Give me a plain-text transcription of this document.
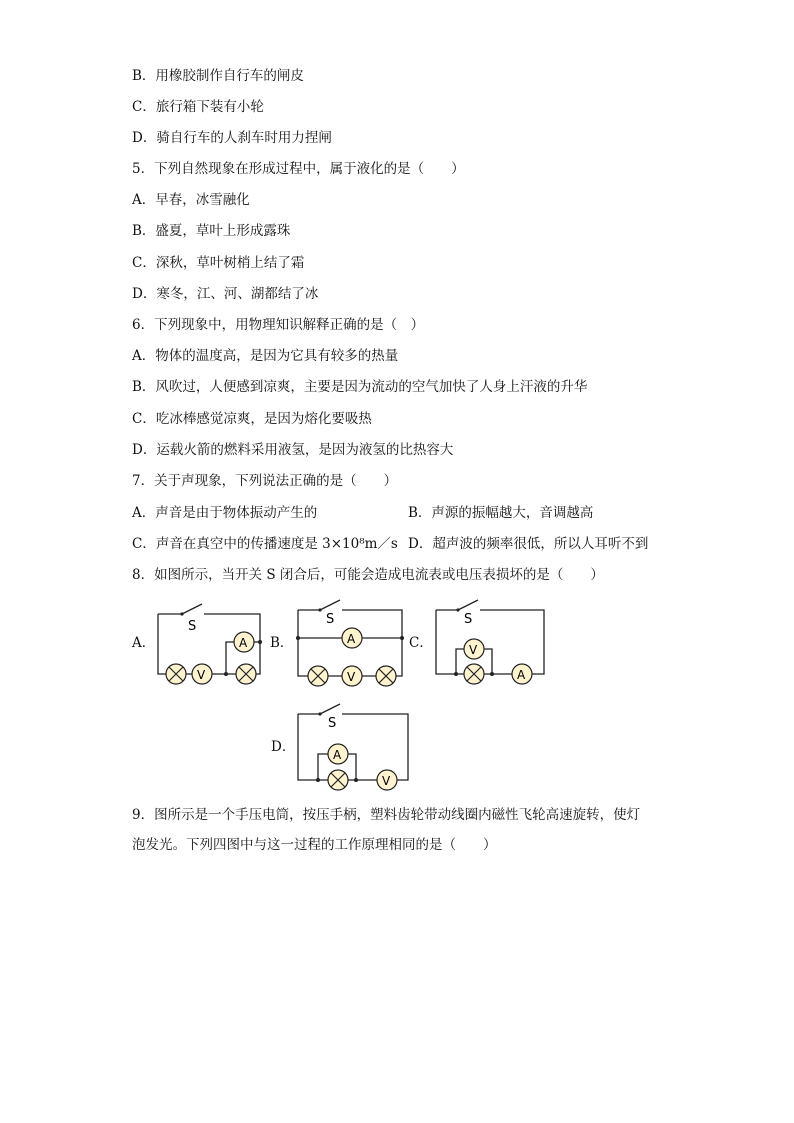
B．用橡胶制作自行车的闸皮
C．旅行箱下装有小轮
D．骑自行车的人刹车时用力捏闸
5．下列自然现象在形成过程中，属于液化的是（　　）
A．早春，冰雪融化
B．盛夏，草叶上形成露珠
C．深秋，草叶树梢上结了霜
D．寒冬，江、河、湖都结了冰
6．下列现象中，用物理知识解释正确的是（　）
A．物体的温度高，是因为它具有较多的热量
B．风吹过，人便感到凉爽，主要是因为流动的空气加快了人身上汗液的升华
C．吃冰棒感觉凉爽，是因为熔化要吸热
D．运载火箭的燃料采用液氢，是因为液氢的比热容大
7．关于声现象，下列说法正确的是（　　）
A．声音是由于物体振动产生的	B．声源的振幅越大，音调越高
C．声音在真空中的传播速度是 3×10⁸m／s D．超声波的频率很低，所以人耳听不到
8．如图所示，当开关 S 闭合后，可能会造成电流表或电压表损坏的是（　　）
A．	B．	C．
D．
S
V
A
S
A
V
S
V
A
S
A
V
9．图所示是一个手压电筒，按压手柄，塑料齿轮带动线圈内磁性飞轮高速旋转，使灯
泡发光。下列四图中与这一过程的工作原理相同的是（　　）
